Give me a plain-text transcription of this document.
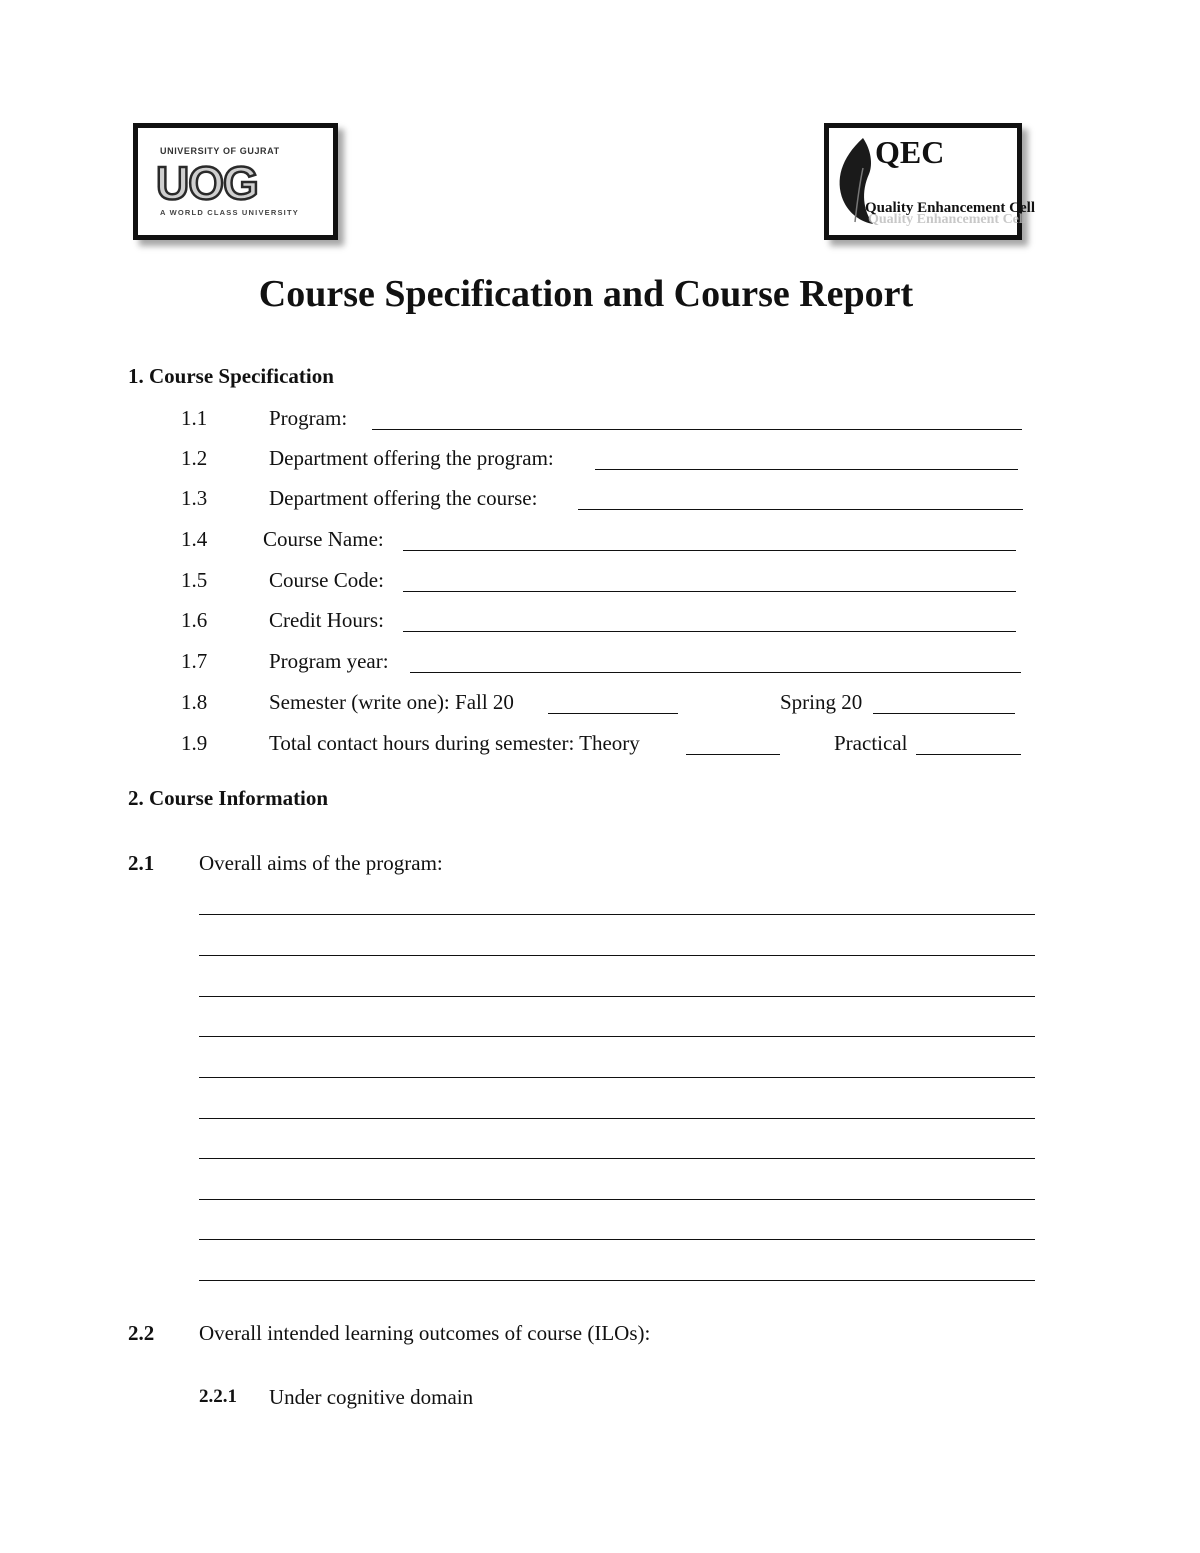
UNIVERSITY OF GUJRAT
UOG
A WORLD CLASS UNIVERSITY
QEC
Quality Enhancement Cell
Quality Enhancement Cell
Course Specification and Course Report
1. Course Specification
1.1	Program:
1.2	Department offering the program:
1.3	Department offering the course:
1.4	Course Name:
1.5	Course Code:
1.6	Credit Hours:
1.7	Program year:
1.8	Semester (write one): Fall 20	Spring 20
1.9	Total contact hours during semester: Theory	Practical
2. Course Information
2.1 Overall aims of the program:
2.2 Overall intended learning outcomes of course (ILOs):
2.2.1 Under cognitive domain
